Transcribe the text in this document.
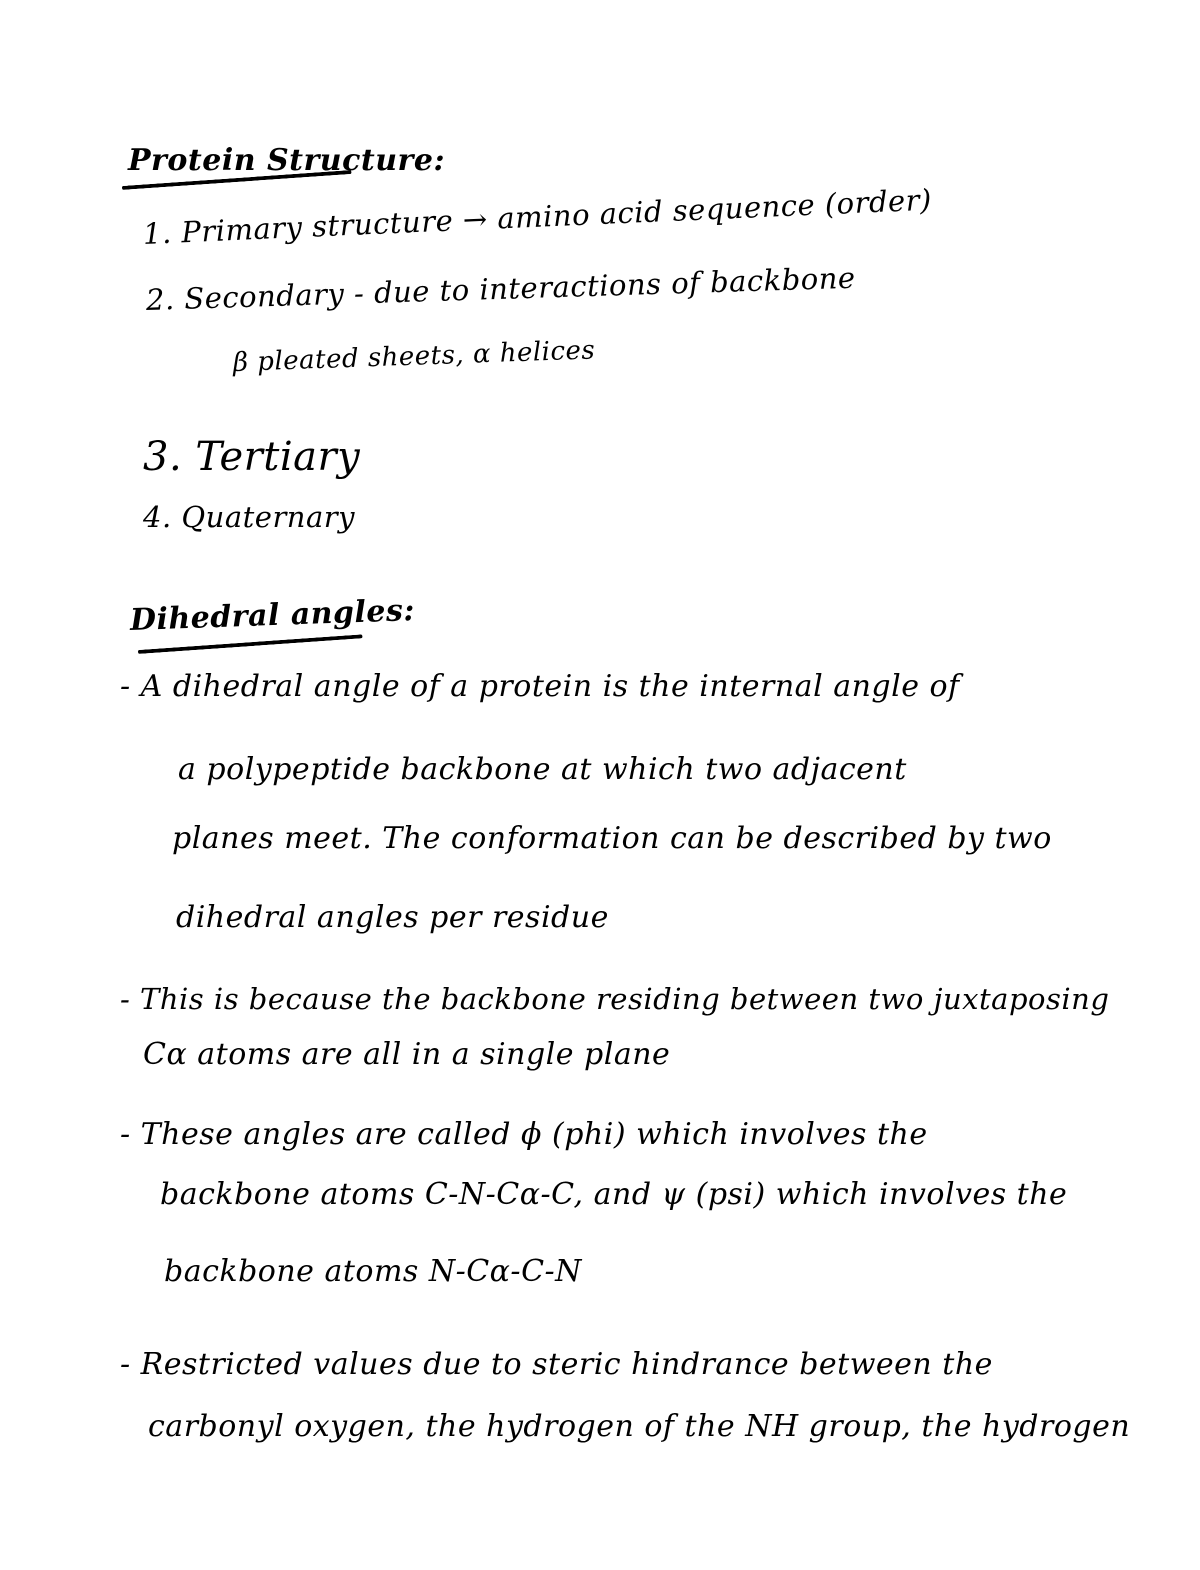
Protein Structure:
1. Primary structure → amino acid sequence (order)
2. Secondary - due to interactions of backbone
β pleated sheets, α helices
3. Tertiary
4. Quaternary
Dihedral angles:
- A dihedral angle of a protein is the internal angle of
a polypeptide backbone at which two adjacent
planes meet. The conformation can be described by two
dihedral angles per residue
- This is because the backbone residing between two juxtaposing
Cα atoms are all in a single plane
- These angles are called ϕ (phi) which involves the
backbone atoms C-N-Cα-C, and ψ (psi) which involves the
backbone atoms N-Cα-C-N
- Restricted values due to steric hindrance between the
carbonyl oxygen, the hydrogen of the NH group, the hydrogen
